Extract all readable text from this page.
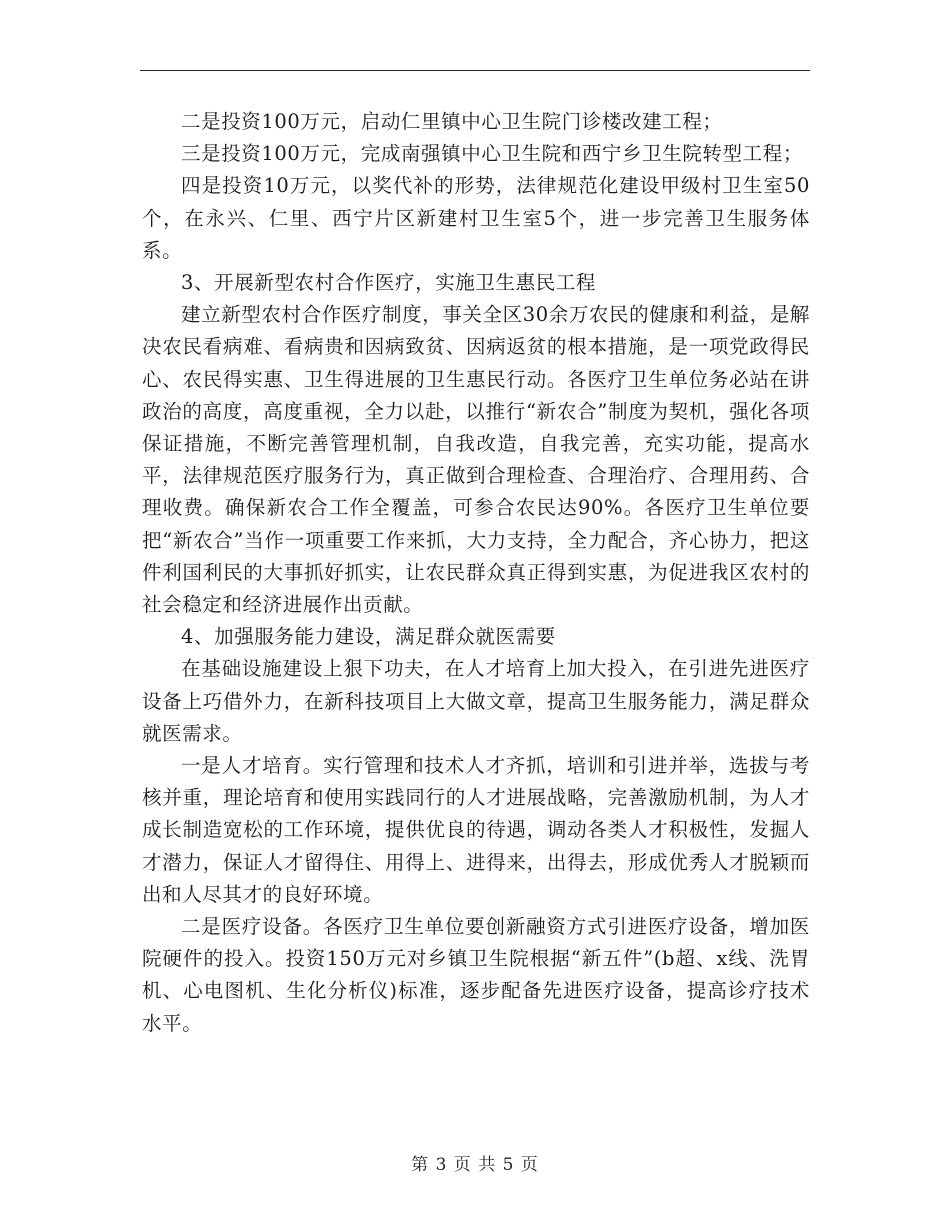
二是投资100万元，启动仁里镇中心卫生院门诊楼改建工程；

三是投资100万元，完成南强镇中心卫生院和西宁乡卫生院转型工程；

四是投资10万元，以奖代补的形势，法律规范化建设甲级村卫生室50个，在永兴、仁里、西宁片区新建村卫生室5个，进一步完善卫生服务体系。

3、开展新型农村合作医疗，实施卫生惠民工程

建立新型农村合作医疗制度，事关全区30余万农民的健康和利益，是解决农民看病难、看病贵和因病致贫、因病返贫的根本措施，是一项党政得民心、农民得实惠、卫生得进展的卫生惠民行动。各医疗卫生单位务必站在讲政治的高度，高度重视，全力以赴，以推行“新农合”制度为契机，强化各项保证措施，不断完善管理机制，自我改造，自我完善，充实功能，提高水平，法律规范医疗服务行为，真正做到合理检查、合理治疗、合理用药、合理收费。确保新农合工作全覆盖，可参合农民达90%。各医疗卫生单位要把“新农合”当作一项重要工作来抓，大力支持，全力配合，齐心协力，把这件利国利民的大事抓好抓实，让农民群众真正得到实惠，为促进我区农村的社会稳定和经济进展作出贡献。

4、加强服务能力建设，满足群众就医需要

在基础设施建设上狠下功夫，在人才培育上加大投入，在引进先进医疗设备上巧借外力，在新科技项目上大做文章，提高卫生服务能力，满足群众就医需求。

一是人才培育。实行管理和技术人才齐抓，培训和引进并举，选拔与考核并重，理论培育和使用实践同行的人才进展战略，完善激励机制，为人才成长制造宽松的工作环境，提供优良的待遇，调动各类人才积极性，发掘人才潜力，保证人才留得住、用得上、进得来，出得去，形成优秀人才脱颖而出和人尽其才的良好环境。

二是医疗设备。各医疗卫生单位要创新融资方式引进医疗设备，增加医院硬件的投入。投资150万元对乡镇卫生院根据“新五件”(b超、x线、洗胃机、心电图机、生化分析仪)标准，逐步配备先进医疗设备，提高诊疗技术水平。

第 3 页 共 5 页
